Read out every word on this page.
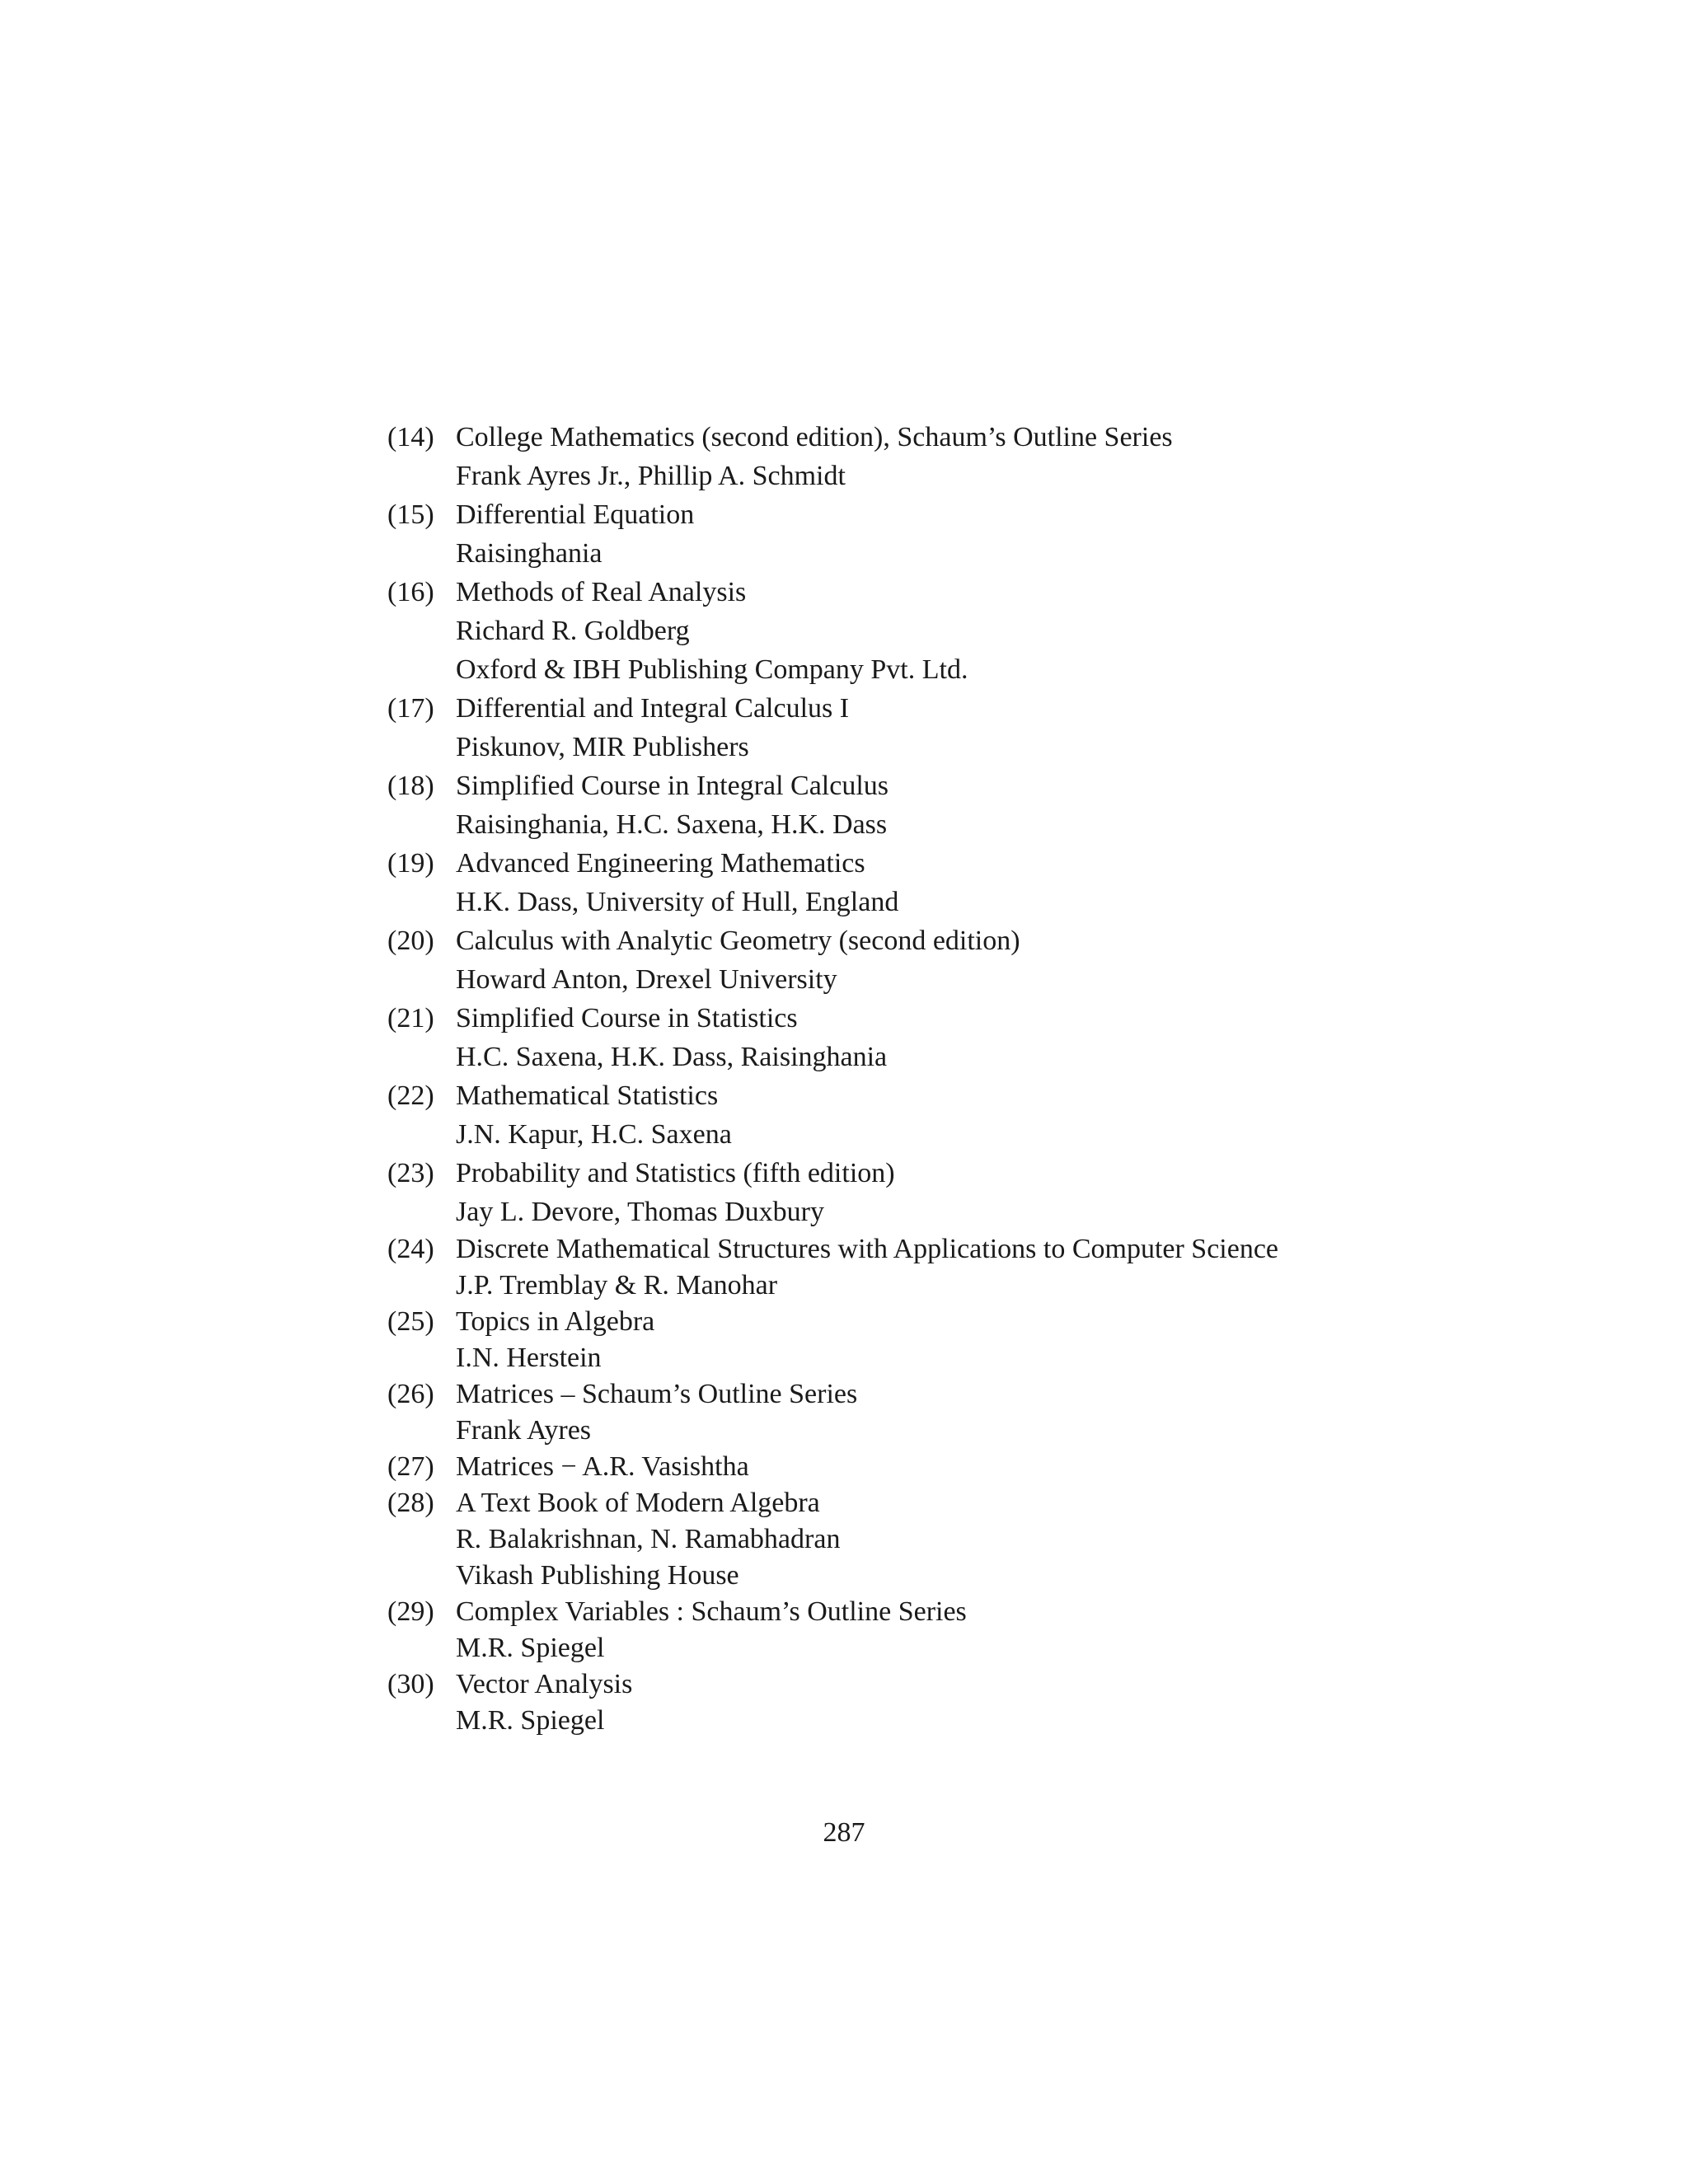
(14) College Mathematics (second edition), Schaum’s Outline Series
Frank Ayres Jr., Phillip A. Schmidt
(15) Differential Equation
Raisinghania
(16) Methods of Real Analysis
Richard R. Goldberg
Oxford & IBH Publishing Company Pvt. Ltd.
(17) Differential and Integral Calculus I
Piskunov, MIR Publishers
(18) Simplified Course in Integral Calculus
Raisinghania, H.C. Saxena, H.K. Dass
(19) Advanced Engineering Mathematics
H.K. Dass, University of Hull, England
(20) Calculus with Analytic Geometry (second edition)
Howard Anton, Drexel University
(21) Simplified Course in Statistics
H.C. Saxena, H.K. Dass, Raisinghania
(22) Mathematical Statistics
J.N. Kapur, H.C. Saxena
(23) Probability and Statistics (fifth edition)
Jay L. Devore, Thomas Duxbury
(24) Discrete Mathematical Structures with Applications to Computer Science
J.P. Tremblay & R. Manohar
(25) Topics in Algebra
I.N. Herstein
(26) Matrices – Schaum’s Outline Series
Frank Ayres
(27) Matrices − A.R. Vasishtha
(28) A Text Book of Modern Algebra
R. Balakrishnan, N. Ramabhadran
Vikash Publishing House
(29) Complex Variables : Schaum’s Outline Series
M.R. Spiegel
(30) Vector Analysis
M.R. Spiegel
287
